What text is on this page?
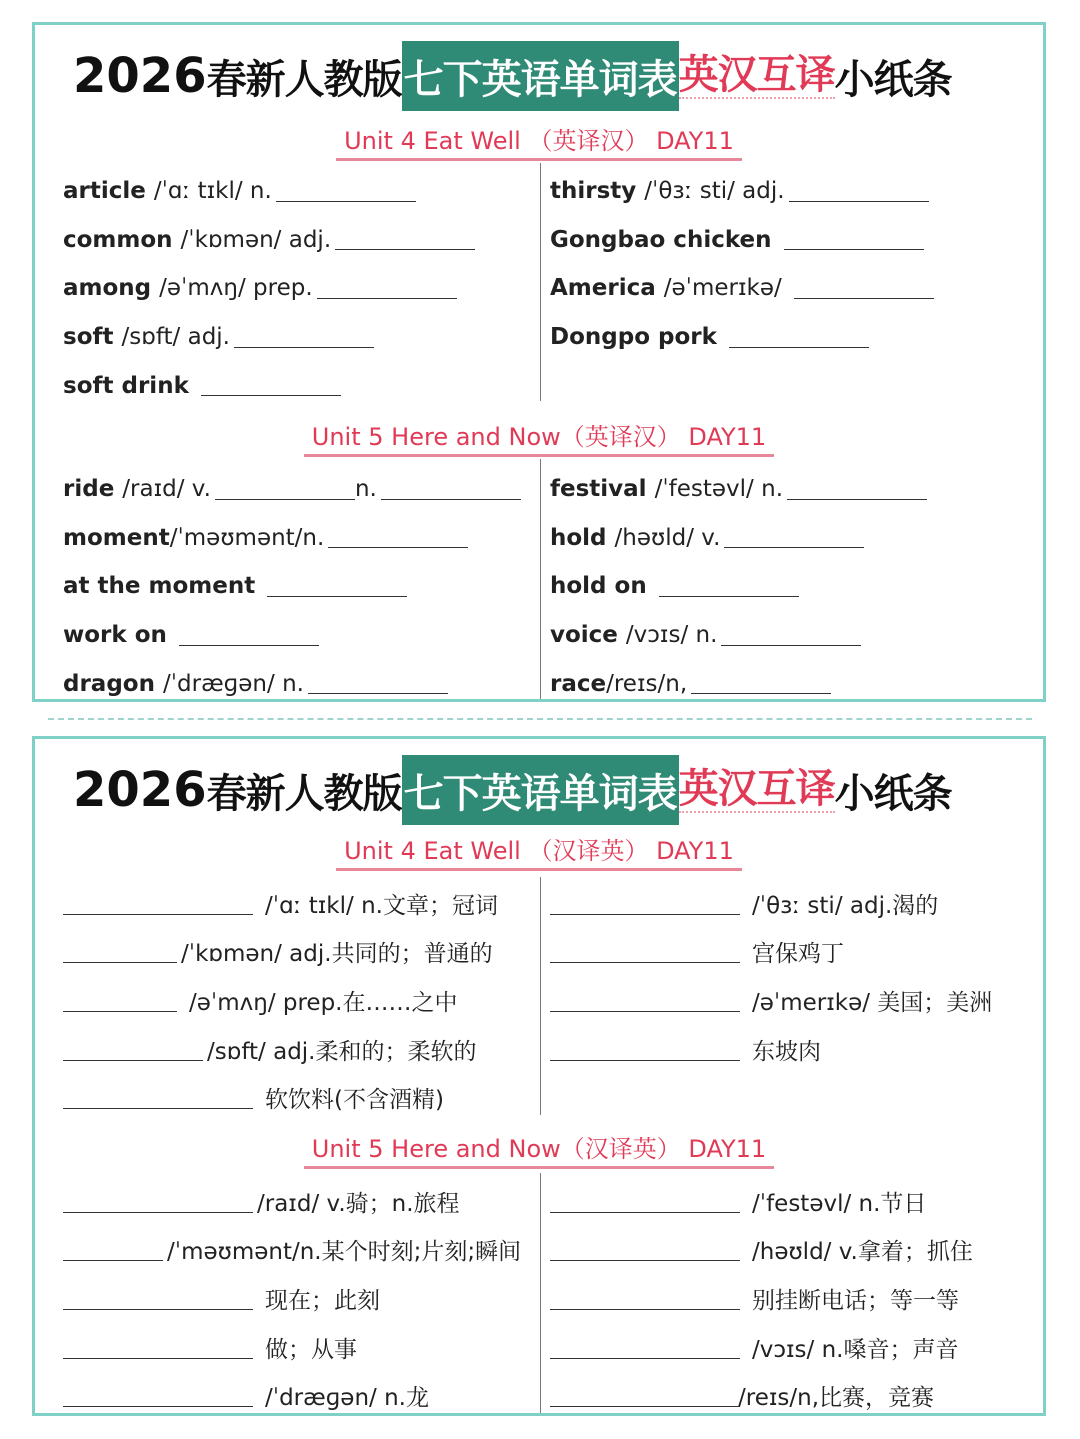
2026 春新人教版 七下英语单词表 英汉互译 小纸条
Unit 4 Eat Well （英译汉） DAY11
article /ˈɑː tɪkl/ n.
common /ˈkɒmən/ adj.
among /əˈmʌŋ/ prep.
soft /sɒft/ adj.
soft drink
thirsty /ˈθɜː sti/ adj.
Gongbao chicken
America /əˈmerɪkə/
Dongpo pork
Unit 5 Here and Now（英译汉） DAY11
ride /raɪd/ v.	n.
moment /ˈməʊmənt/n.
at the moment
work on
dragon /ˈdræɡən/ n.
festival /ˈfestəvl/ n.
hold /həʊld/ v.
hold on
voice /vɔɪs/ n.
race /reɪs/n,
2026 春新人教版 七下英语单词表 英汉互译 小纸条
Unit 4 Eat Well （汉译英） DAY11
/ˈɑː tɪkl/ n.文章；冠词
/ˈkɒmən/ adj.共同的；普通的
/əˈmʌŋ/ prep.在……之中
/sɒft/ adj.柔和的；柔软的
软饮料(不含酒精)
/ˈθɜː sti/ adj.渴的
宫保鸡丁
/əˈmerɪkə/ 美国；美洲
东坡肉
Unit 5 Here and Now（汉译英） DAY11
/raɪd/ v.骑；n.旅程
/ˈməʊmənt/n.某个时刻;片刻;瞬间
现在；此刻
做；从事
/ˈdræɡən/ n.龙
/ˈfestəvl/ n.节日
/həʊld/ v.拿着；抓住
别挂断电话；等一等
/vɔɪs/ n.嗓音；声音
/reɪs/n,比赛，竞赛
